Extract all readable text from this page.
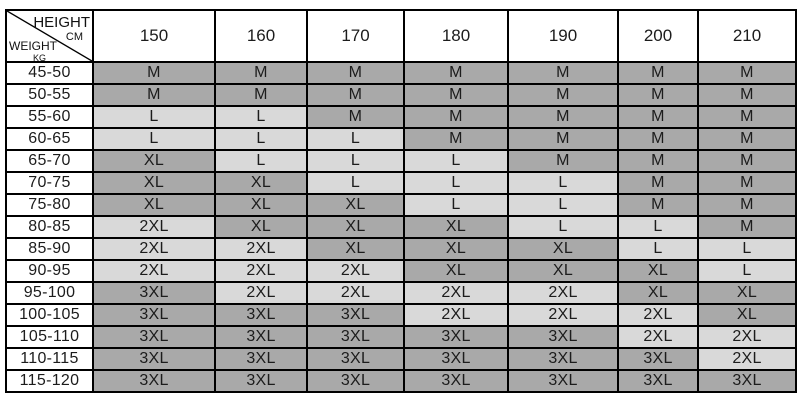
HEIGHT
CM
WEIGHT
KG	150	160	170	180	190	200	210
45-50	M	M	M	M	M	M	M
50-55	M	M	M	M	M	M	M
55-60	L	L	M	M	M	M	M
60-65	L	L	L	M	M	M	M
65-70	XL	L	L	L	M	M	M
70-75	XL	XL	L	L	L	M	M
75-80	XL	XL	XL	L	L	M	M
80-85	2XL	XL	XL	XL	L	L	M
85-90	2XL	2XL	XL	XL	XL	L	L
90-95	2XL	2XL	2XL	XL	XL	XL	L
95-100	3XL	2XL	2XL	2XL	2XL	XL	XL
100-105	3XL	3XL	3XL	2XL	2XL	2XL	XL
105-110	3XL	3XL	3XL	3XL	3XL	2XL	2XL
110-115	3XL	3XL	3XL	3XL	3XL	3XL	2XL
115-120	3XL	3XL	3XL	3XL	3XL	3XL	3XL
